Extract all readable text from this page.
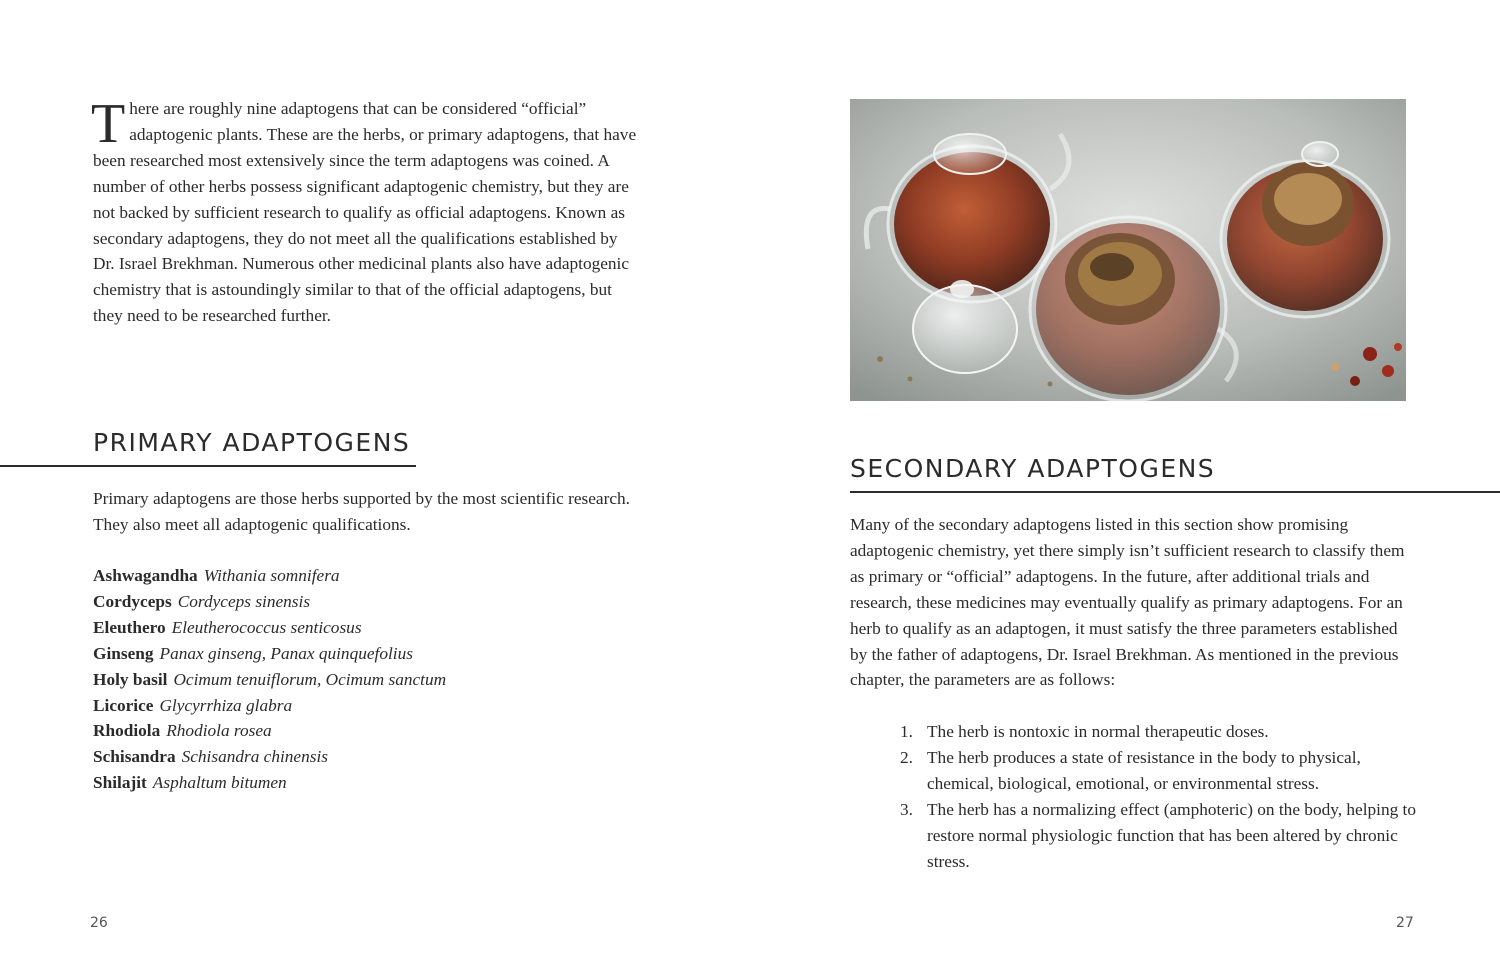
There are roughly nine adaptogens that can be considered “official” adaptogenic plants. These are the herbs, or primary adaptogens, that have been researched most extensively since the term adaptogens was coined. A number of other herbs possess significant adaptogenic chemistry, but they are not backed by sufficient research to qualify as official adaptogens. Known as secondary adaptogens, they do not meet all the qualifications established by Dr. Israel Brekhman. Numerous other medicinal plants also have adaptogenic chemistry that is astoundingly similar to that of the official adaptogens, but they need to be researched further.

PRIMARY ADAPTOGENS

Primary adaptogens are those herbs supported by the most scientific research. They also meet all adaptogenic qualifications.

Ashwagandha Withania somnifera
Cordyceps Cordyceps sinensis
Eleuthero Eleutherococcus senticosus
Ginseng Panax ginseng, Panax quinquefolius
Holy basil Ocimum tenuiflorum, Ocimum sanctum
Licorice Glycyrrhiza glabra
Rhodiola Rhodiola rosea
Schisandra Schisandra chinensis
Shilajit Asphaltum bitumen

26

SECONDARY ADAPTOGENS

Many of the secondary adaptogens listed in this section show promising adaptogenic chemistry, yet there simply isn’t sufficient research to classify them as primary or “official” adaptogens. In the future, after additional trials and research, these medicines may eventually qualify as primary adaptogens. For an herb to qualify as an adaptogen, it must satisfy the three parameters established by the father of adaptogens, Dr. Israel Brekhman. As mentioned in the previous chapter, the parameters are as follows:

1. The herb is nontoxic in normal therapeutic doses.
2. The herb produces a state of resistance in the body to physical, chemical, biological, emotional, or environmental stress.
3. The herb has a normalizing effect (amphoteric) on the body, helping to restore normal physiologic function that has been altered by chronic stress.

27
